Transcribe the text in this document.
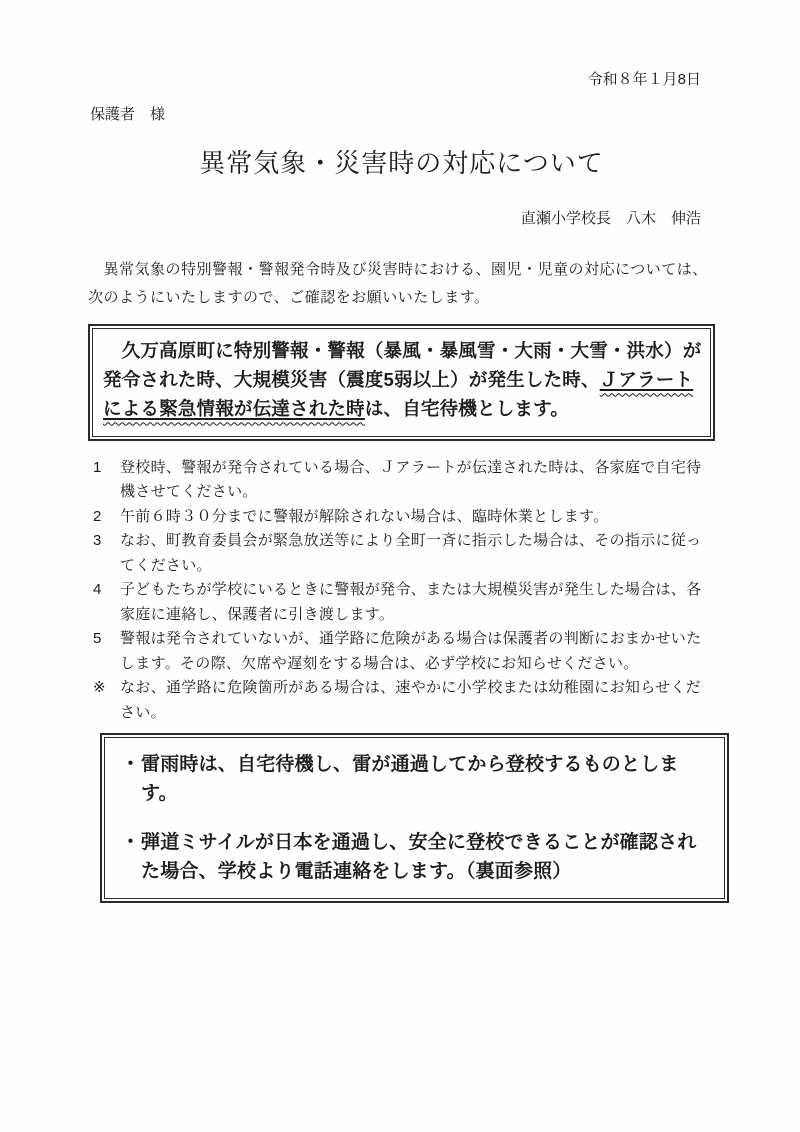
令和８年１月8日
保護者　様
異常気象・災害時の対応について
直瀬小学校長　八木　伸浩
　異常気象の特別警報・警報発令時及び災害時における、園児・児童の対応については、次のようにいたしますので、ご確認をお願いいたします。
　久万高原町に特別警報・警報（暴風・暴風雪・大雨・大雪・洪水）が
発令された時、大規模災害（震度5弱以上）が発生した時、Ｊアラート
による緊急情報が伝達された時は、自宅待機とします。
1	登校時、警報が発令されている場合、Ｊアラートが伝達された時は、各家庭で自宅待機させてください。
2	午前６時３０分までに警報が解除されない場合は、臨時休業とします。
3	なお、町教育委員会が緊急放送等により全町一斉に指示した場合は、その指示に従ってください。
4	子どもたちが学校にいるときに警報が発令、または大規模災害が発生した場合は、各家庭に連絡し、保護者に引き渡します。
5	警報は発令されていないが、通学路に危険がある場合は保護者の判断におまかせいたします。その際、欠席や遅刻をする場合は、必ず学校にお知らせください。
※ なお、通学路に危険箇所がある場合は、速やかに小学校または幼稚園にお知らせください。
・ 雷雨時は、自宅待機し、雷が通過してから登校するものとします。
・ 弾道ミサイルが日本を通過し、安全に登校できることが確認された場合、学校より電話連絡をします。（裏面参照）
